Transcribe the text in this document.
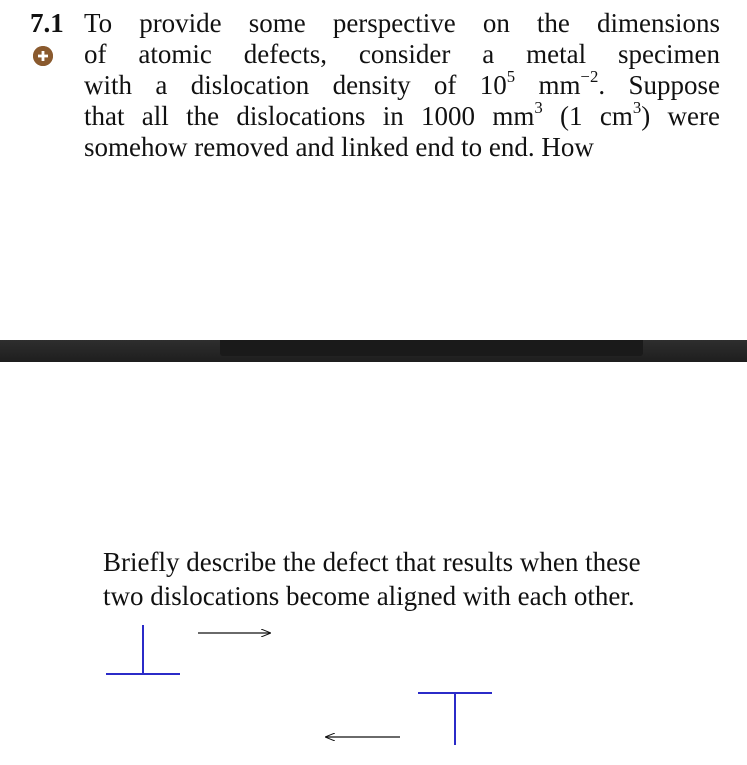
7.1 To provide some perspective on the dimensions
of atomic defects, consider a metal specimen
with a dislocation density of $10^5$ $mm^{-2}$. Suppose
that all the dislocations in 1000 $mm^3$ (1 $cm^3$) were
somehow removed and linked end to end. How

Briefly describe the defect that results when these
two dislocations become aligned with each other.
